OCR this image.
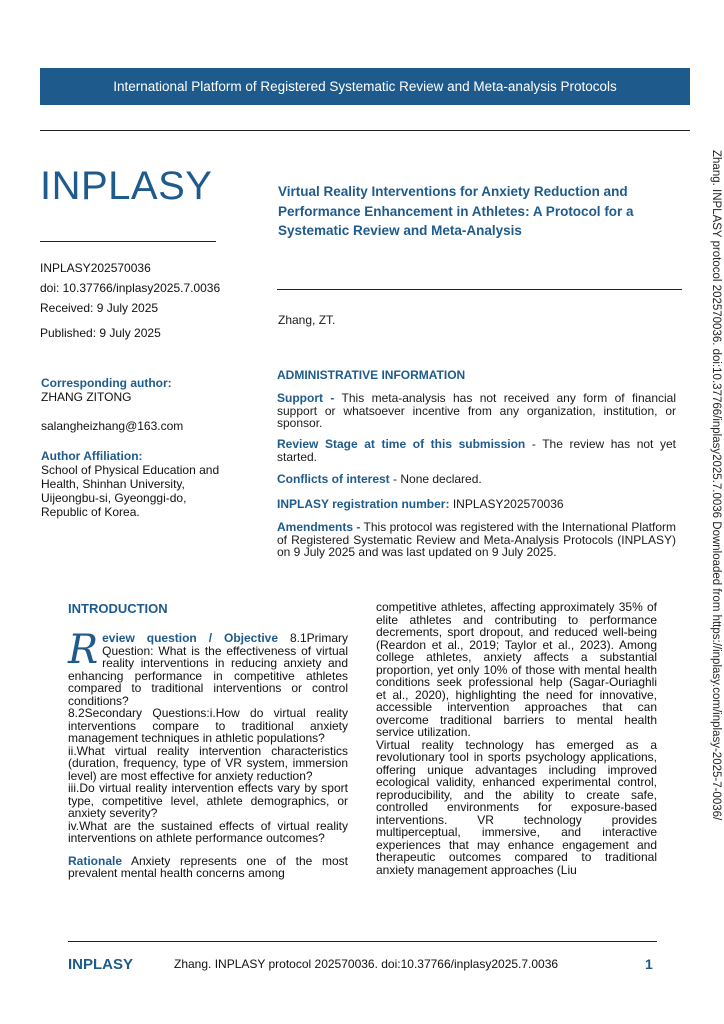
International Platform of Registered Systematic Review and Meta-analysis Protocols
INPLASY
INPLASY202570036
doi: 10.37766/inplasy2025.7.0036
Received: 9 July 2025
Published: 9 July 2025
Corresponding author:
ZHANG ZITONG
salangheizhang@163.com
Author Affiliation:
School of Physical Education and
Health, Shinhan University,
Uijeongbu-si, Gyeonggi-do,
Republic of Korea.
Virtual Reality Interventions for Anxiety Reduction and Performance Enhancement in Athletes: A Protocol for a Systematic Review and Meta-Analysis
Zhang, ZT.
ADMINISTRATIVE INFORMATION
Support - This meta-analysis has not received any form of financial support or whatsoever incentive from any organization, institution, or sponsor.
Review Stage at time of this submission - The review has not yet started.
Conflicts of interest - None declared.
INPLASY registration number: INPLASY202570036
Amendments - This protocol was registered with the International Platform of Registered Systematic Review and Meta-Analysis Protocols (INPLASY) on 9 July 2025 and was last updated on 9 July 2025.	Zhang. INPLASY protocol 202570036. doi:10.37766/inplasy2025.7.0036 Downloaded from https://inplasy.com/inplasy-2025-7-0036/
INTRODUCTION

Review question / Objective 8.1Primary Question: What is the effectiveness of virtual reality interventions in reducing anxiety and enhancing performance in competitive athletes compared to traditional interventions or control conditions?

8.2Secondary Questions:i.How do virtual reality interventions compare to traditional anxiety management techniques in athletic populations?

ii.What virtual reality intervention characteristics (duration, frequency, type of VR system, immersion level) are most effective for anxiety reduction?

iii.Do virtual reality intervention effects vary by sport type, competitive level, athlete demographics, or anxiety severity?

iv.What are the sustained effects of virtual reality interventions on athlete performance outcomes?

Rationale Anxiety represents one of the most prevalent mental health concerns among

competitive athletes, affecting approximately 35% of elite athletes and contributing to performance decrements, sport dropout, and reduced well-being (Reardon et al., 2019; Taylor et al., 2023). Among college athletes, anxiety affects a substantial proportion, yet only 10% of those with mental health conditions seek professional help (Sagar-Ouriaghli et al., 2020), highlighting the need for innovative, accessible intervention approaches that can overcome traditional barriers to mental health service utilization.

Virtual reality technology has emerged as a revolutionary tool in sports psychology applications, offering unique advantages including improved ecological validity, enhanced experimental control, reproducibility, and the ability to create safe, controlled environments for exposure-based interventions. VR technology provides multiperceptual, immersive, and interactive experiences that may enhance engagement and therapeutic outcomes compared to traditional anxiety management approaches (Liu

INPLASY	Zhang. INPLASY protocol 202570036. doi:10.37766/inplasy2025.7.0036	1
